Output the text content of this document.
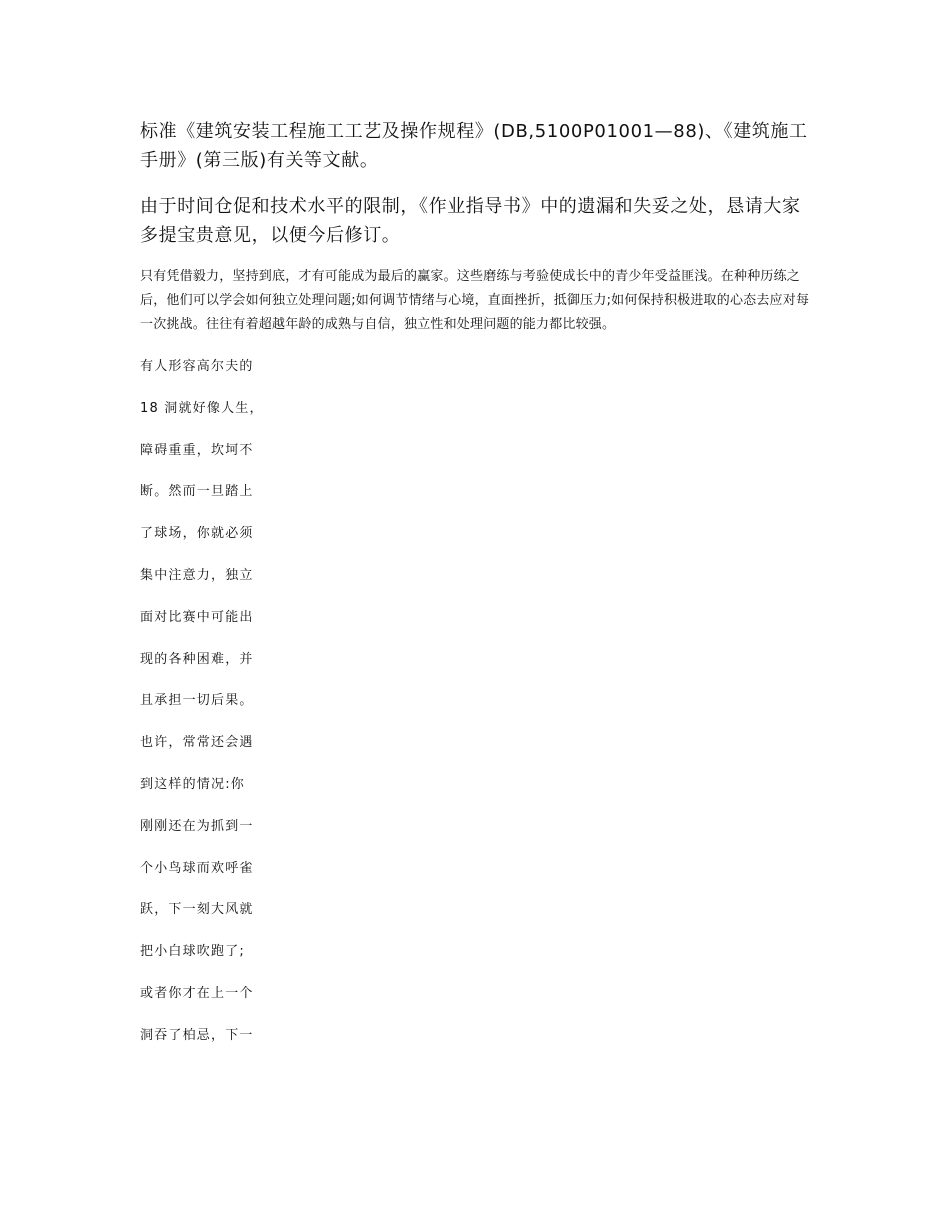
标准《建筑安装工程施工工艺及操作规程》(DB,5100P01001—88)、《建筑施工手册》(第三版)有关等文献。

由于时间仓促和技术水平的限制，《作业指导书》中的遗漏和失妥之处，恳请大家多提宝贵意见，以便今后修订。

只有凭借毅力，坚持到底，才有可能成为最后的赢家。这些磨练与考验使成长中的青少年受益匪浅。在种种历练之后，他们可以学会如何独立处理问题;如何调节情绪与心境，直面挫折，抵御压力;如何保持积极进取的心态去应对每一次挑战。往往有着超越年龄的成熟与自信，独立性和处理问题的能力都比较强。

有人形容高尔夫的
18 洞就好像人生，
障碍重重，坎坷不
断。然而一旦踏上
了球场，你就必须
集中注意力，独立
面对比赛中可能出
现的各种困难，并
且承担一切后果。
也许，常常还会遇
到这样的情况:你
刚刚还在为抓到一
个小鸟球而欢呼雀
跃，下一刻大风就
把小白球吹跑了;
或者你才在上一个
洞吞了柏忌，下一
